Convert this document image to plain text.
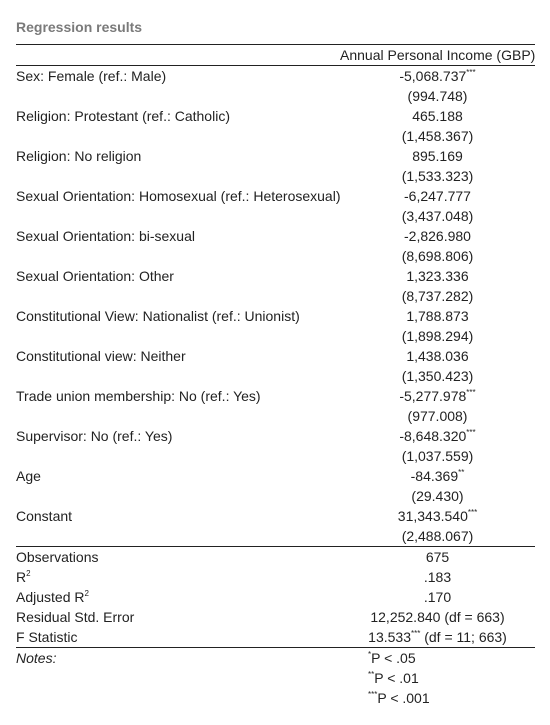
Regression results
	Annual Personal Income (GBP)
Sex: Female (ref.: Male)	-5,068.737***
	(994.748)
Religion: Protestant (ref.: Catholic)	465.188
	(1,458.367)
Religion: No religion	895.169
	(1,533.323)
Sexual Orientation: Homosexual (ref.: Heterosexual)	-6,247.777
	(3,437.048)
Sexual Orientation: bi-sexual	-2,826.980
	(8,698.806)
Sexual Orientation: Other	1,323.336
	(8,737.282)
Constitutional View: Nationalist (ref.: Unionist)	1,788.873
	(1,898.294)
Constitutional view: Neither	1,438.036
	(1,350.423)
Trade union membership: No (ref.: Yes)	-5,277.978***
	(977.008)
Supervisor: No (ref.: Yes)	-8,648.320***
	(1,037.559)
Age	-84.369**
	(29.430)
Constant	31,343.540***
	(2,488.067)
Observations	675
$R^2$	.183
Adjusted $R^2$	.170
Residual Std. Error	12,252.840 (df = 663)
F Statistic	13.533*** (df = 11; 663)
Notes:	*P < .05
	**P < .01
	***P < .001
